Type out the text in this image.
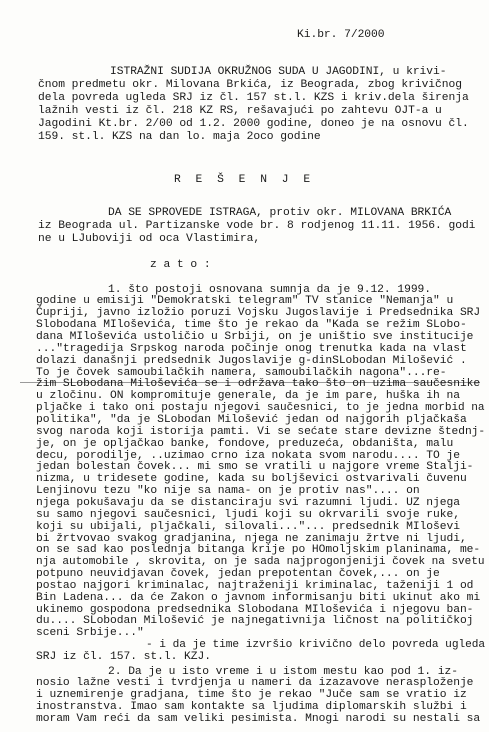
Ki.br. 7/2000
ISTRAŽNI SUDIJA OKRUŽNOG SUDA U JAGODINI, u krivi-
čnom predmetu okr. Milovana Brkića, iz Beograda, zbog krivičnog
dela povreda ugleda SRJ iz čl. 157 st.l. KZS i kriv.dela širenja
lažnih vesti iz čl. 218 KZ RS, rešavajući po zahtevu OJT-a u
Jagodini Kt.br. 2/00 od 1.2. 2000 godine, doneo je na osnovu čl.
159. st.l. KZS na dan lo. maja 2oco godine
R E Š E N J E
DA SE SPROVEDE ISTRAGA, protiv okr. MILOVANA BRKIĆA
iz Beograda ul. Partizanske vode br. 8 rodjenog 11.11. 1956. godi
ne u LJuboviji od oca Vlastimira,
z a t o :
1. što postoji osnovana sumnja da je 9.12. 1999.
godine u emisiji "Demokratski telegram" TV stanice "Nemanja" u
Ćupriji, javno izložio poruzi Vojsku Jugoslavije i Predsednika SRJ
Slobodana MIloševića, time što je rekao da "Kada se režim SLobo-
dana MIloševića ustoličio u Srbiji, on je uništio sve institucije
..."tragedija Srpskog naroda počinje onog trenutka kada na vlast
dolazi današnji predsednik Jugoslavije g-dinSLobodan Milošević .
To je čovek samoubilačkih namera, samoubilačkih nagona"...re-
žim SLobodana Miloševića se i održava tako što on uzima saučesnike
u zločinu. ON kompromituje generale, da je im pare, huška ih na
pljačke i tako oni postaju njegovi saučesnici, to je jedna morbid na
politika", "da je SLobodan Milošević jedan od najgorih pljačkaša
svog naroda koji istorija pamti. Vi se sećate stare devizne štednj-
je, on je opljačkao banke, fondove, preduzeća, obdaništa, malu
decu, porodilje, ..uzimao crno iza nokata svom narodu.... TO je
jedan bolestan čovek... mi smo se vratili u najgore vreme Stalji-
nizma, u tridesete godine, kada su boljševici ostvarivali čuvenu
Lenjinovu tezu "ko nije sa nama- on je protiv nas".... on
njega pokušavaju da se distanciraju svi razumni ljudi. UZ njega
su samo njegovi saučesnici, ljudi koji su okrvarili svoje ruke,
koji su ubijali, pljačkali, silovali..."... predsednik MIloševi
bi žrtvovao svakog gradjanina, njega ne zanimaju žrtve ni ljudi,
on se sad kao poslednja bitanga krije po HOmoljskim planinama, me-
nja automobile , skrovita, on je sada najprogonjeniji čovek na svetu
potpuno neuvidjavan čovek, jedan prepotentan čovek,... on je
postao najgori kriminalac, najtraženiji kriminalac, taženiji 1 od
Bin Ladena... da će Zakon o javnom informisanju biti ukinut ako mi
ukinemo gospodona predsednika Slobodana MIloševića i njegovu ban-
du.... SLobodan Milošević je najnegativnija ličnost na političkoj
sceni Srbije..."
- i da je time izvršio krivično delo povreda ugleda
SRJ iz čl. 157. st.l. KZJ.
2. Da je u isto vreme i u istom mestu kao pod 1. iz-
nosio lažne vesti i tvrdjenja u nameri da izazavove nerasploženje
i uznemirenje gradjana, time što je rekao "Juče sam se vratio iz
inostranstva. Imao sam kontakte sa ljudima diplomarskih službi i
moram Vam reći da sam veliki pesimista. Mnogi narodi su nestali sa
